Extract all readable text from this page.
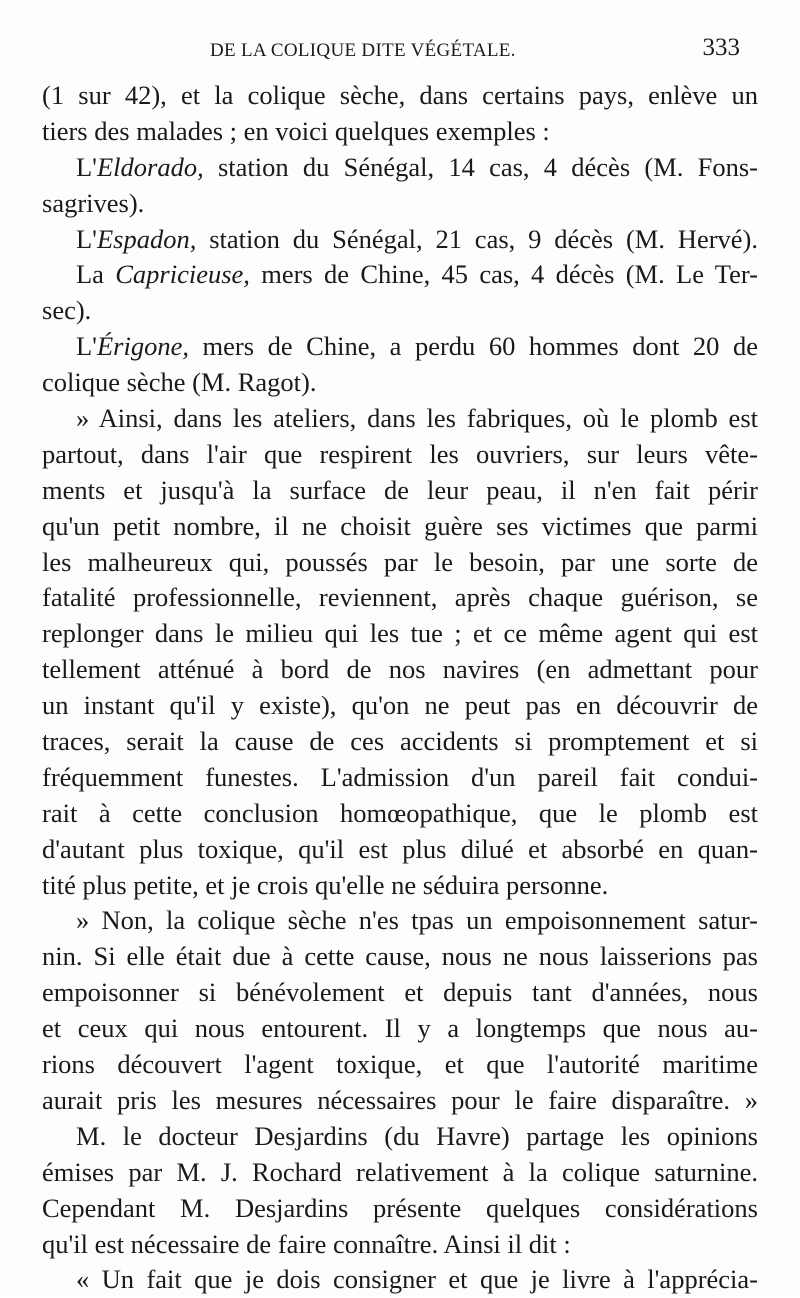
DE LA COLIQUE DITE VÉGÉTALE.	333
(1 sur 42), et la colique sèche, dans certains pays, enlève un
tiers des malades ; en voici quelques exemples :
L'Eldorado, station du Sénégal, 14 cas, 4 décès (M. Fons-
sagrives).
L'Espadon, station du Sénégal, 21 cas, 9 décès (M. Hervé).
La Capricieuse, mers de Chine, 45 cas, 4 décès (M. Le Ter-
sec).
L'Érigone, mers de Chine, a perdu 60 hommes dont 20 de
colique sèche (M. Ragot).
» Ainsi, dans les ateliers, dans les fabriques, où le plomb est
partout, dans l'air que respirent les ouvriers, sur leurs vête-
ments et jusqu'à la surface de leur peau, il n'en fait périr
qu'un petit nombre, il ne choisit guère ses victimes que parmi
les malheureux qui, poussés par le besoin, par une sorte de
fatalité professionnelle, reviennent, après chaque guérison, se
replonger dans le milieu qui les tue ; et ce même agent qui est
tellement atténué à bord de nos navires (en admettant pour
un instant qu'il y existe), qu'on ne peut pas en découvrir de
traces, serait la cause de ces accidents si promptement et si
fréquemment funestes. L'admission d'un pareil fait condui-
rait à cette conclusion homœopathique, que le plomb est
d'autant plus toxique, qu'il est plus dilué et absorbé en quan-
tité plus petite, et je crois qu'elle ne séduira personne.
» Non, la colique sèche n'es tpas un empoisonnement satur-
nin. Si elle était due à cette cause, nous ne nous laisserions pas
empoisonner si bénévolement et depuis tant d'années, nous
et ceux qui nous entourent. Il y a longtemps que nous au-
rions découvert l'agent toxique, et que l'autorité maritime
aurait pris les mesures nécessaires pour le faire disparaître. »
M. le docteur Desjardins (du Havre) partage les opinions
émises par M. J. Rochard relativement à la colique saturnine.
Cependant M. Desjardins présente quelques considérations
qu'il est nécessaire de faire connaître. Ainsi il dit :
« Un fait que je dois consigner et que je livre à l'apprécia-
